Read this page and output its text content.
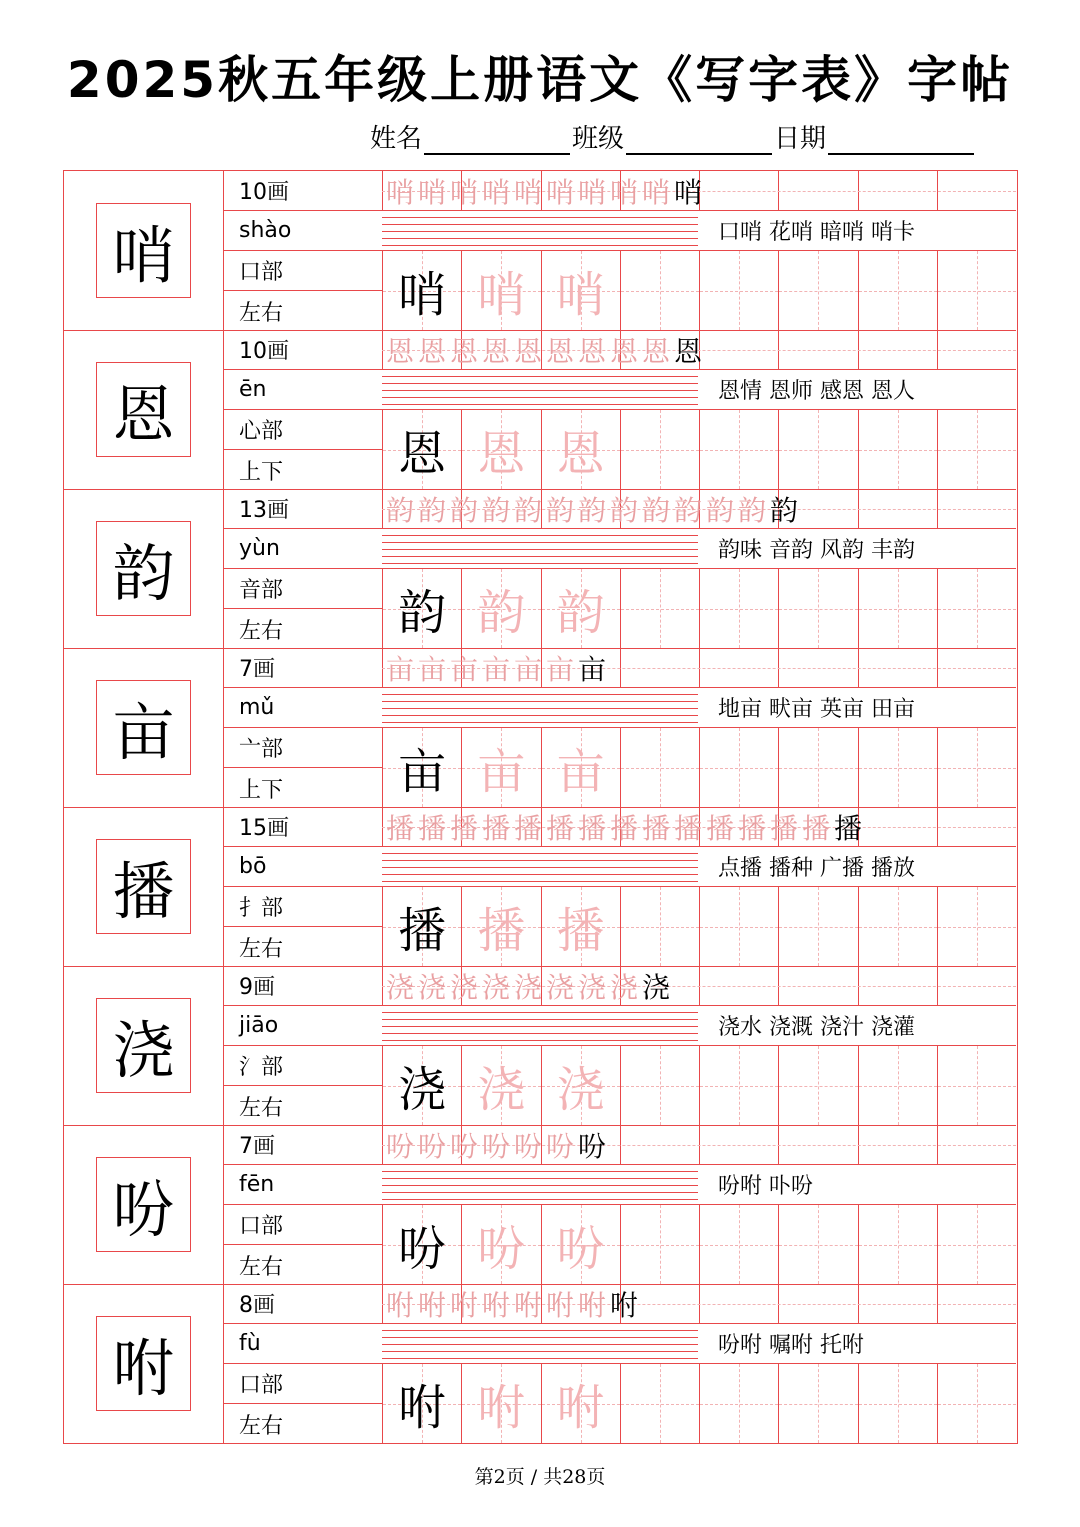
2025秋五年级上册语文《写字表》字帖
姓名	班级	日期
哨
10画
shào
口部
左右
哨哨哨哨哨哨哨哨哨 哨
口哨 花哨 暗哨 哨卡
哨 哨 哨
恩
10画
ēn
心部
上下
恩恩恩恩恩恩恩恩恩 恩
恩情 恩师 感恩 恩人
恩 恩 恩
韵
13画
yùn
音部
左右
韵韵韵韵韵韵韵韵韵韵韵韵 韵
韵味 音韵 风韵 丰韵
韵 韵 韵
亩
7画
mǔ
亠部
上下
亩亩亩亩亩亩 亩
地亩 畎亩 英亩 田亩
亩 亩 亩
播
15画
bō
扌部
左右
播播播播播播播播播播播播播播 播
点播 播种 广播 播放
播 播 播
浇
9画
jiāo
氵部
左右
浇浇浇浇浇浇浇浇 浇
浇水 浇溉 浇汁 浇灌
浇 浇 浇
吩
7画
fēn
口部
左右
吩吩吩吩吩吩 吩
吩咐 卟吩
吩 吩 吩
咐
8画
fù
口部
左右
咐咐咐咐咐咐咐 咐
吩咐 嘱咐 托咐
咐 咐 咐
第2页 / 共28页
